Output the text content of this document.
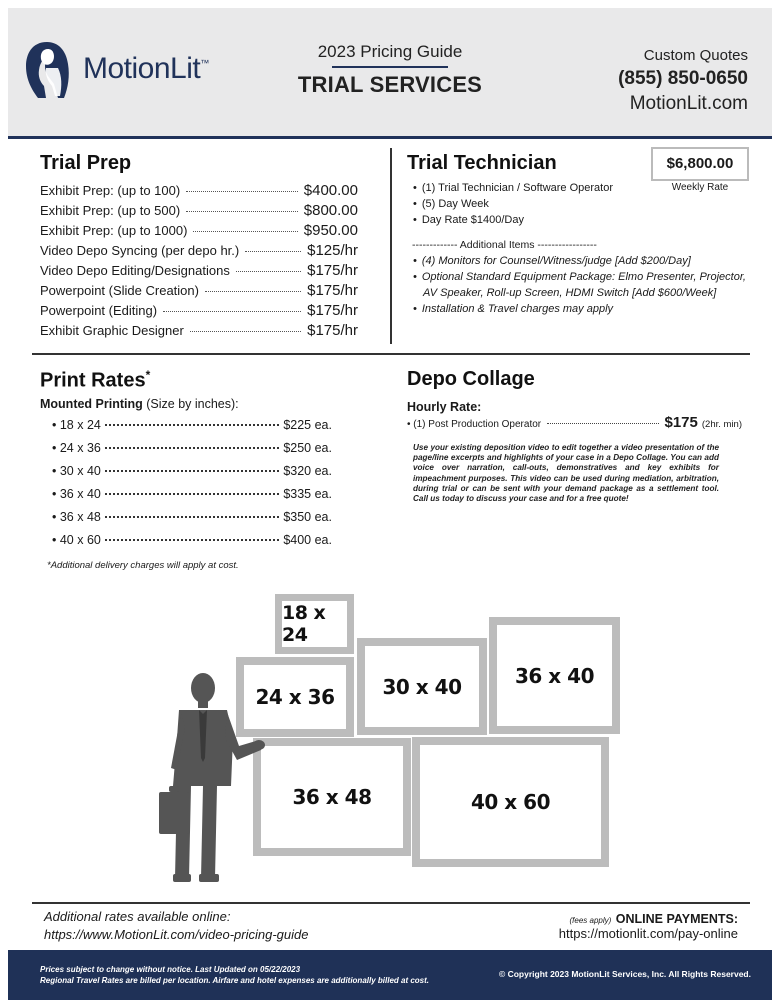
MotionLit™
2023 Pricing Guide
TRIAL SERVICES
Custom Quotes
(855) 850-0650
MotionLit.com
Trial Prep
Exhibit Prep: (up to 100)	$400.00
Exhibit Prep: (up to 500)	$800.00
Exhibit Prep: (up to 1000)	$950.00
Video Depo Syncing (per depo hr.)	$125/hr
Video Depo Editing/Designations	$175/hr
Powerpoint (Slide Creation)	$175/hr
Powerpoint (Editing)	$175/hr
Exhibit Graphic Designer	$175/hr
Trial Technician	$6,800.00
Weekly Rate
• (1) Trial Technician / Software Operator
• (5) Day Week
• Day Rate $1400/Day
------------- Additional Items -----------------
• (4) Monitors for Counsel/Witness/judge [Add $200/Day]
• Optional Standard Equipment Package: Elmo Presenter, Projector,
AV Speaker, Roll-up Screen, HDMI Switch [Add $600/Week]
• Installation & Travel charges may apply
Print Rates*
Mounted Printing (Size by inches):
• 18 x 24	$225 ea.
• 24 x 36	$250 ea.
• 30 x 40	$320 ea.
• 36 x 40	$335 ea.
• 36 x 48	$350 ea.
• 40 x 60	$400 ea.
*Additional delivery charges will apply at cost.
Depo Collage
Hourly Rate:
• (1) Post Production Operator	$175 (2hr. min)
Use your existing deposition video to edit together a video presentation of the page/line excerpts and highlights of your case in a Depo Collage. You can add voice over narration, call-outs, demonstratives and key exhibits for impeachment purposes. This video can be used during mediation, arbitration, during trial or can be sent with your demand package as a settlement tool. Call us today to discuss your case and for a free quote!
18 x 24
24 x 36	30 x 40	36 x 40
36 x 48	40 x 60
Additional rates available online:
https://www.MotionLit.com/video-pricing-guide
(fees apply) ONLINE PAYMENTS:
https://motionlit.com/pay-online
Prices subject to change without notice. Last Updated on 05/22/2023
Regional Travel Rates are billed per location. Airfare and hotel expenses are additionally billed at cost.
© Copyright 2023 MotionLit Services, Inc. All Rights Reserved.
